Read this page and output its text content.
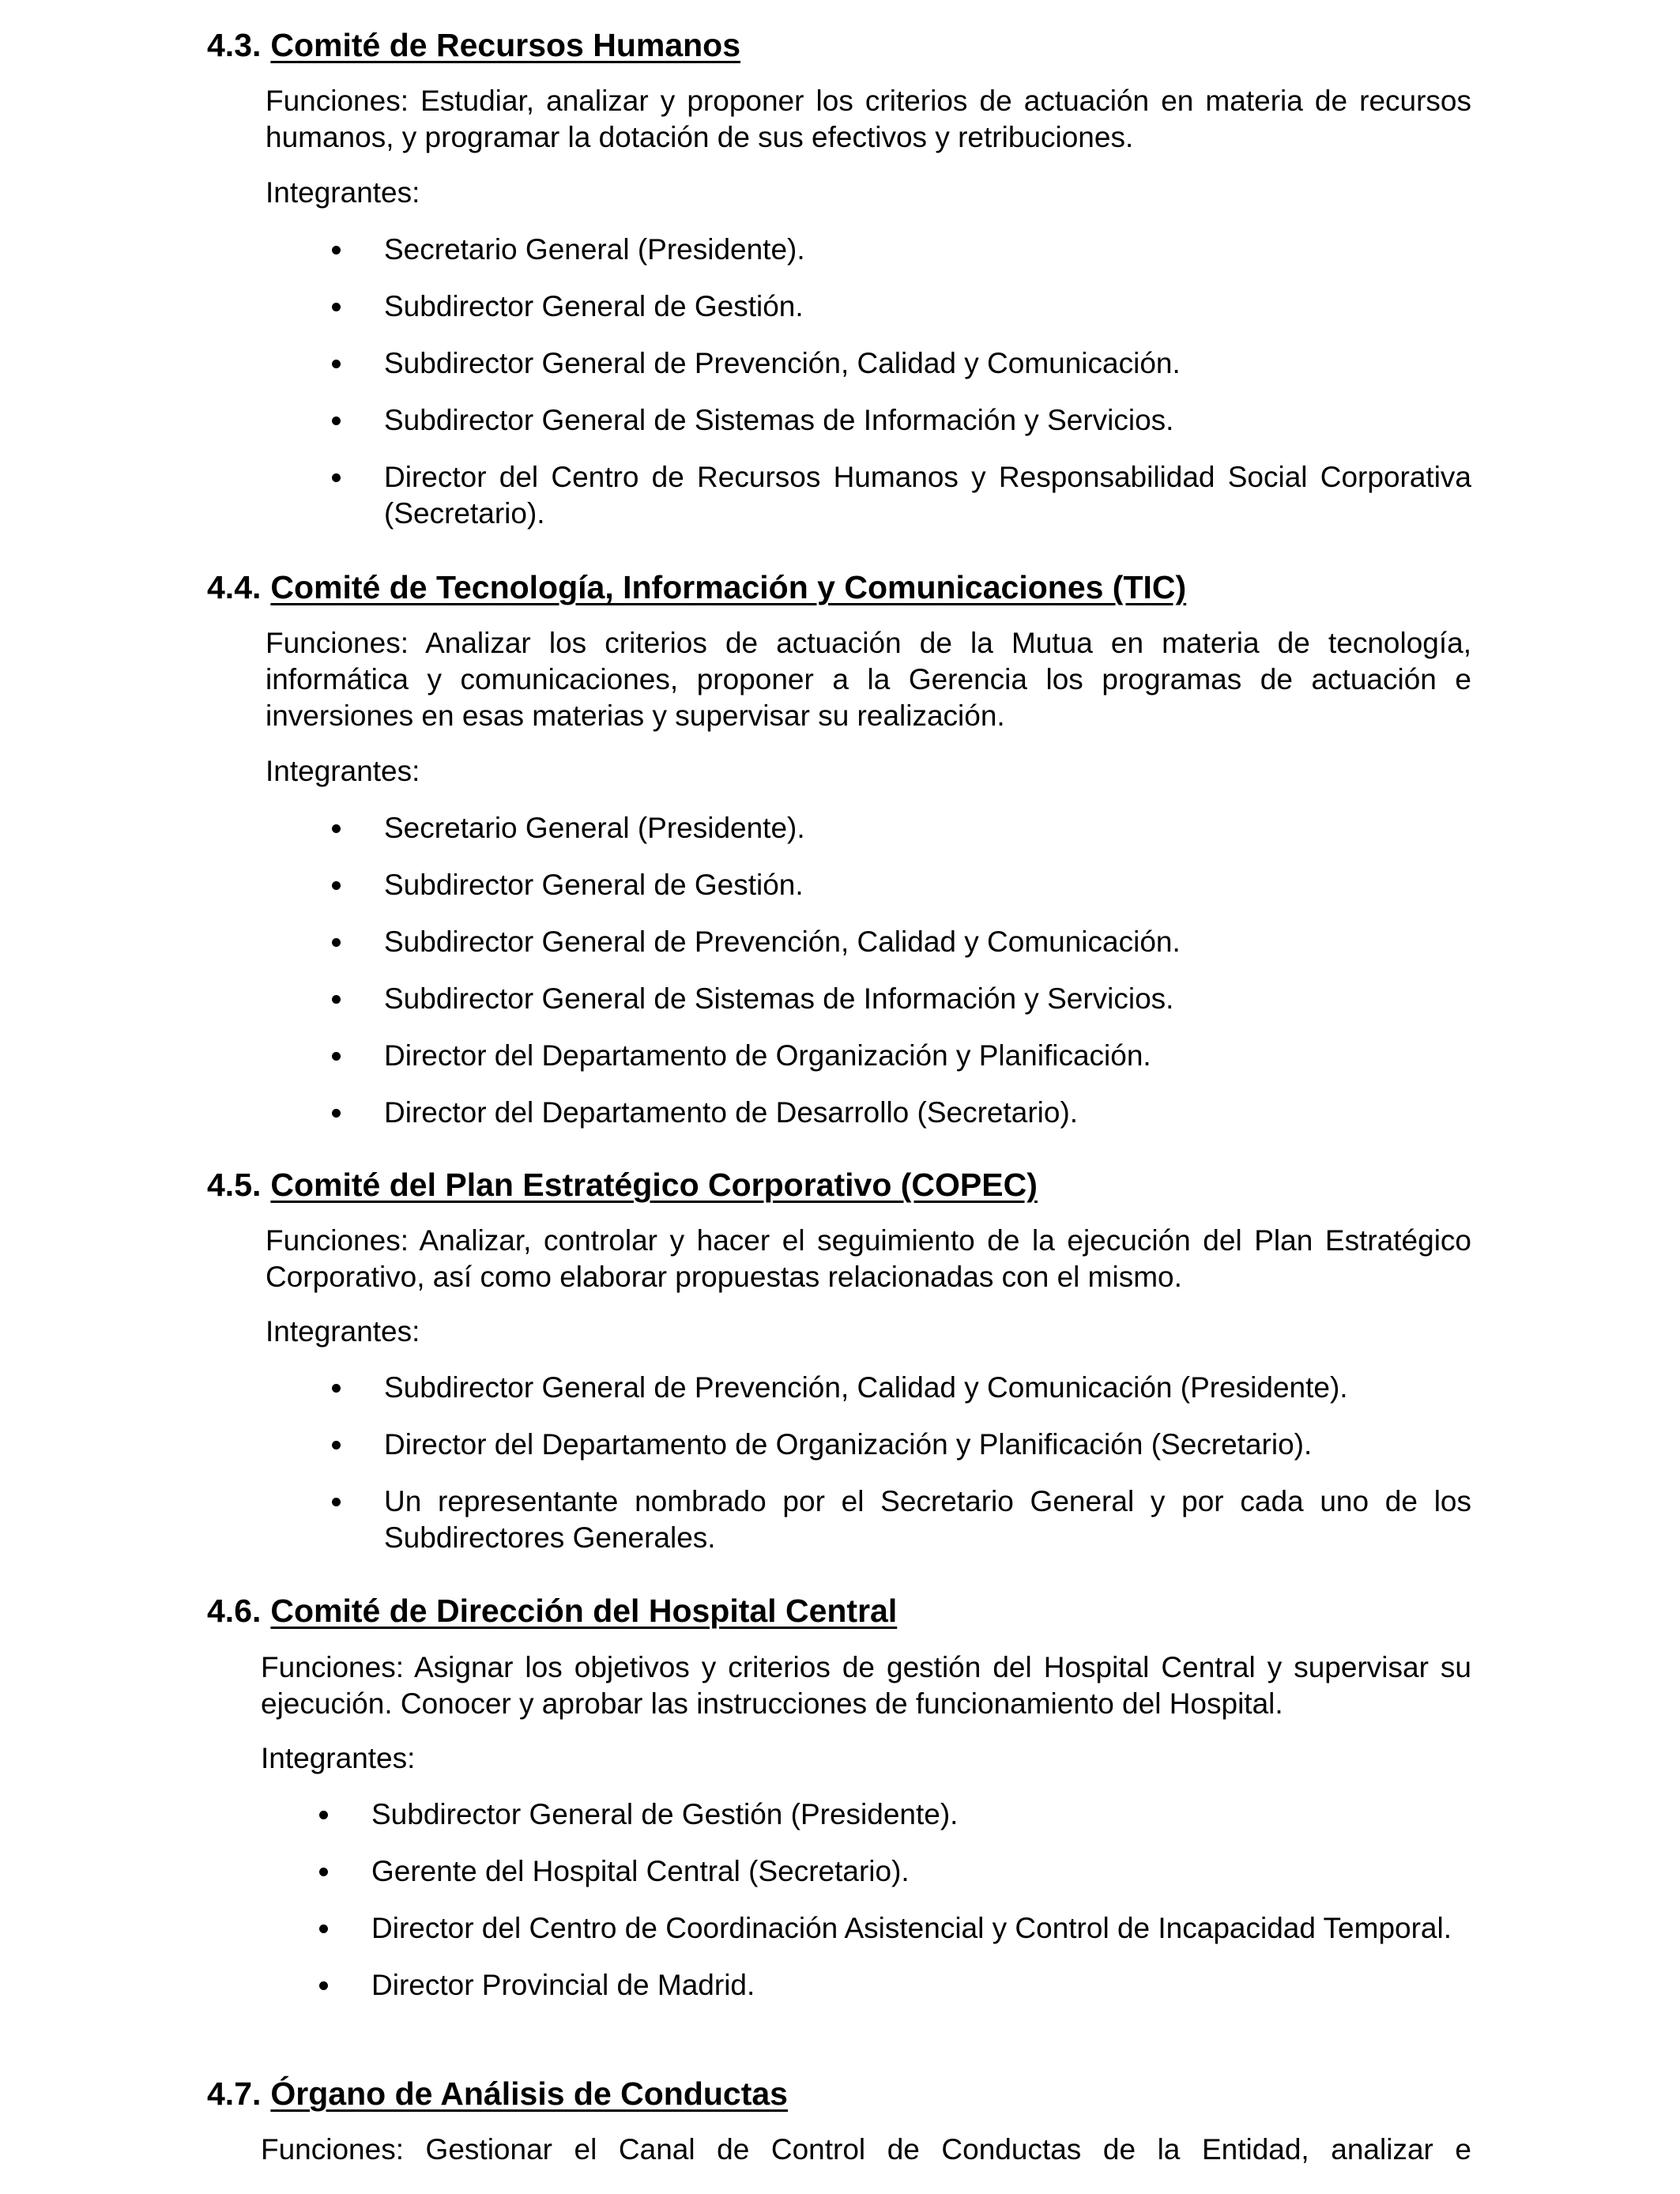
4.3. Comité de Recursos Humanos
Funciones: Estudiar, analizar y proponer los criterios de actuación en materia de recursos humanos, y programar la dotación de sus efectivos y retribuciones.
Integrantes:
Secretario General (Presidente).
Subdirector General de Gestión.
Subdirector General de Prevención, Calidad y Comunicación.
Subdirector General de Sistemas de Información y Servicios.
Director del Centro de Recursos Humanos y Responsabilidad Social Corporativa (Secretario).
4.4. Comité de Tecnología, Información y Comunicaciones (TIC)
Funciones: Analizar los criterios de actuación de la Mutua en materia de tecnología, informática y comunicaciones, proponer a la Gerencia los programas de actuación e inversiones en esas materias y supervisar su realización.
Integrantes:
Secretario General (Presidente).
Subdirector General de Gestión.
Subdirector General de Prevención, Calidad y Comunicación.
Subdirector General de Sistemas de Información y Servicios.
Director del Departamento de Organización y Planificación.
Director del Departamento de Desarrollo (Secretario).
4.5. Comité del Plan Estratégico Corporativo (COPEC)
Funciones: Analizar, controlar y hacer el seguimiento de la ejecución del Plan Estratégico Corporativo, así como elaborar propuestas relacionadas con el mismo.
Integrantes:
Subdirector General de Prevención, Calidad y Comunicación (Presidente).
Director del Departamento de Organización y Planificación (Secretario).
Un representante nombrado por el Secretario General y por cada uno de los Subdirectores Generales.
4.6. Comité de Dirección del Hospital Central
Funciones: Asignar los objetivos y criterios de gestión del Hospital Central y supervisar su ejecución. Conocer y aprobar las instrucciones de funcionamiento del Hospital.
Integrantes:
Subdirector General de Gestión (Presidente).
Gerente del Hospital Central (Secretario).
Director del Centro de Coordinación Asistencial y Control de Incapacidad Temporal.
Director Provincial de Madrid.
4.7. Órgano de Análisis de Conductas
Funciones: Gestionar el Canal de Control de Conductas de la Entidad, analizar e
